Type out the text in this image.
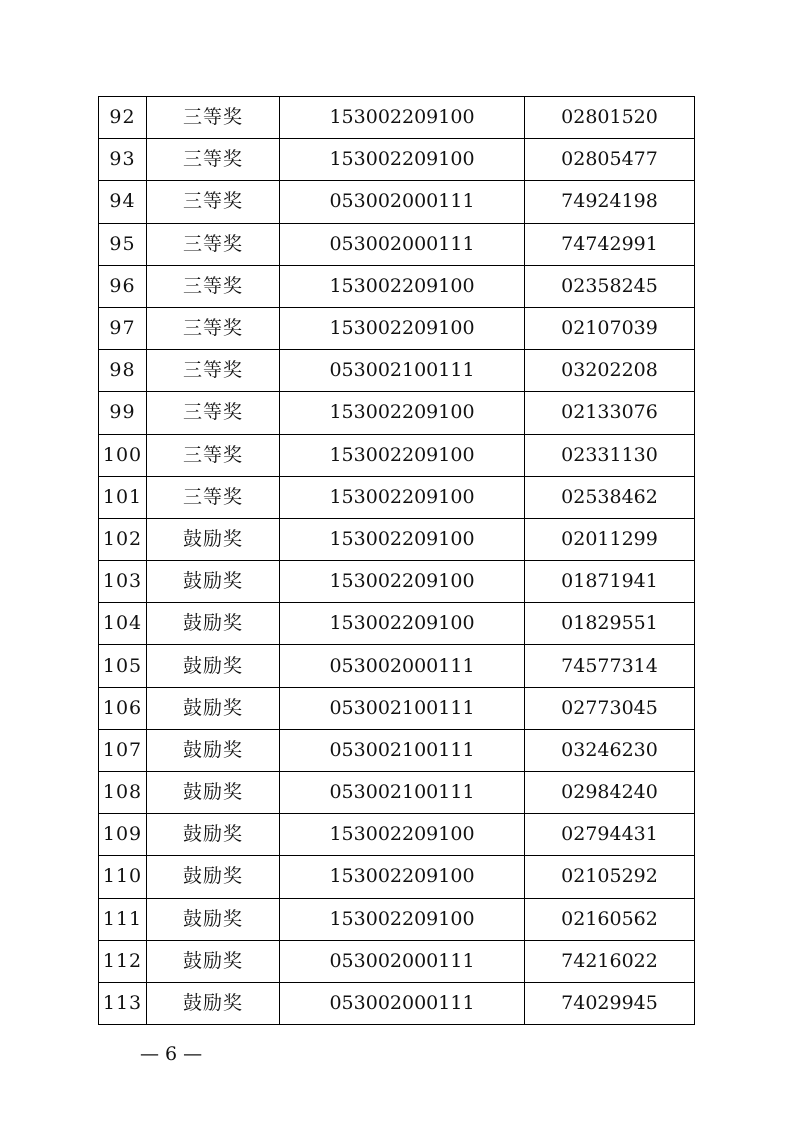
92	三等奖	153002209100	02801520
93	三等奖	153002209100	02805477
94	三等奖	053002000111	74924198
95	三等奖	053002000111	74742991
96	三等奖	153002209100	02358245
97	三等奖	153002209100	02107039
98	三等奖	053002100111	03202208
99	三等奖	153002209100	02133076
100	三等奖	153002209100	02331130
101	三等奖	153002209100	02538462
102	鼓励奖	153002209100	02011299
103	鼓励奖	153002209100	01871941
104	鼓励奖	153002209100	01829551
105	鼓励奖	053002000111	74577314
106	鼓励奖	053002100111	02773045
107	鼓励奖	053002100111	03246230
108	鼓励奖	053002100111	02984240
109	鼓励奖	153002209100	02794431
110	鼓励奖	153002209100	02105292
111	鼓励奖	153002209100	02160562
112	鼓励奖	053002000111	74216022
113	鼓励奖	053002000111	74029945
— 6 —
